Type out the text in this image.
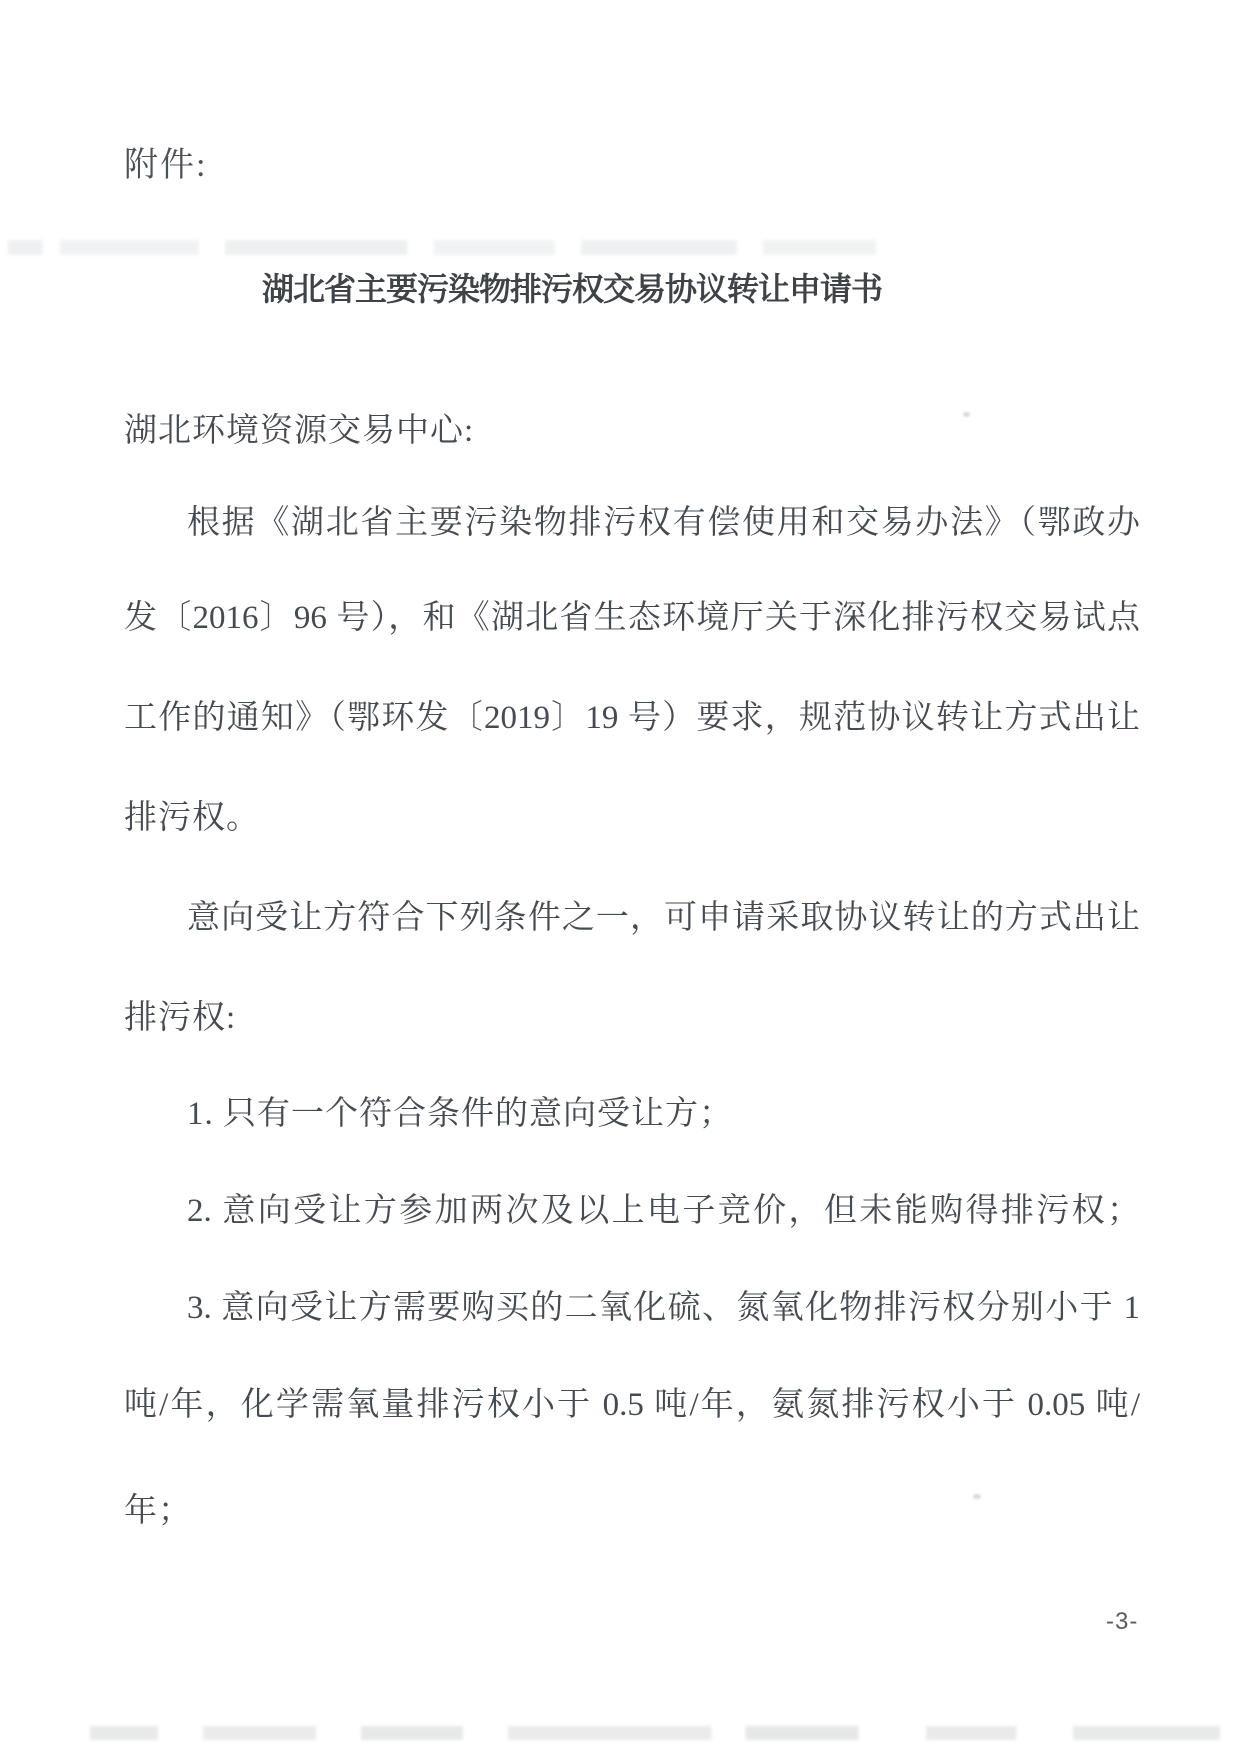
附件:
湖北省主要污染物排污权交易协议转让申请书
湖北环境资源交易中心:
根据《湖北省主要污染物排污权有偿使用和交易办法》（鄂政办
发〔2016〕96 号），和《湖北省生态环境厅关于深化排污权交易试点
工作的通知》（鄂环发〔2019〕19 号）要求，规范协议转让方式出让
排污权。
意向受让方符合下列条件之一，可申请采取协议转让的方式出让
排污权:
1. 只有一个符合条件的意向受让方；
2. 意向受让方参加两次及以上电子竞价，但未能购得排污权；
3. 意向受让方需要购买的二氧化硫、氮氧化物排污权分别小于 1
吨/年，化学需氧量排污权小于 0.5 吨/年，氨氮排污权小于 0.05 吨/
年；
-3-
